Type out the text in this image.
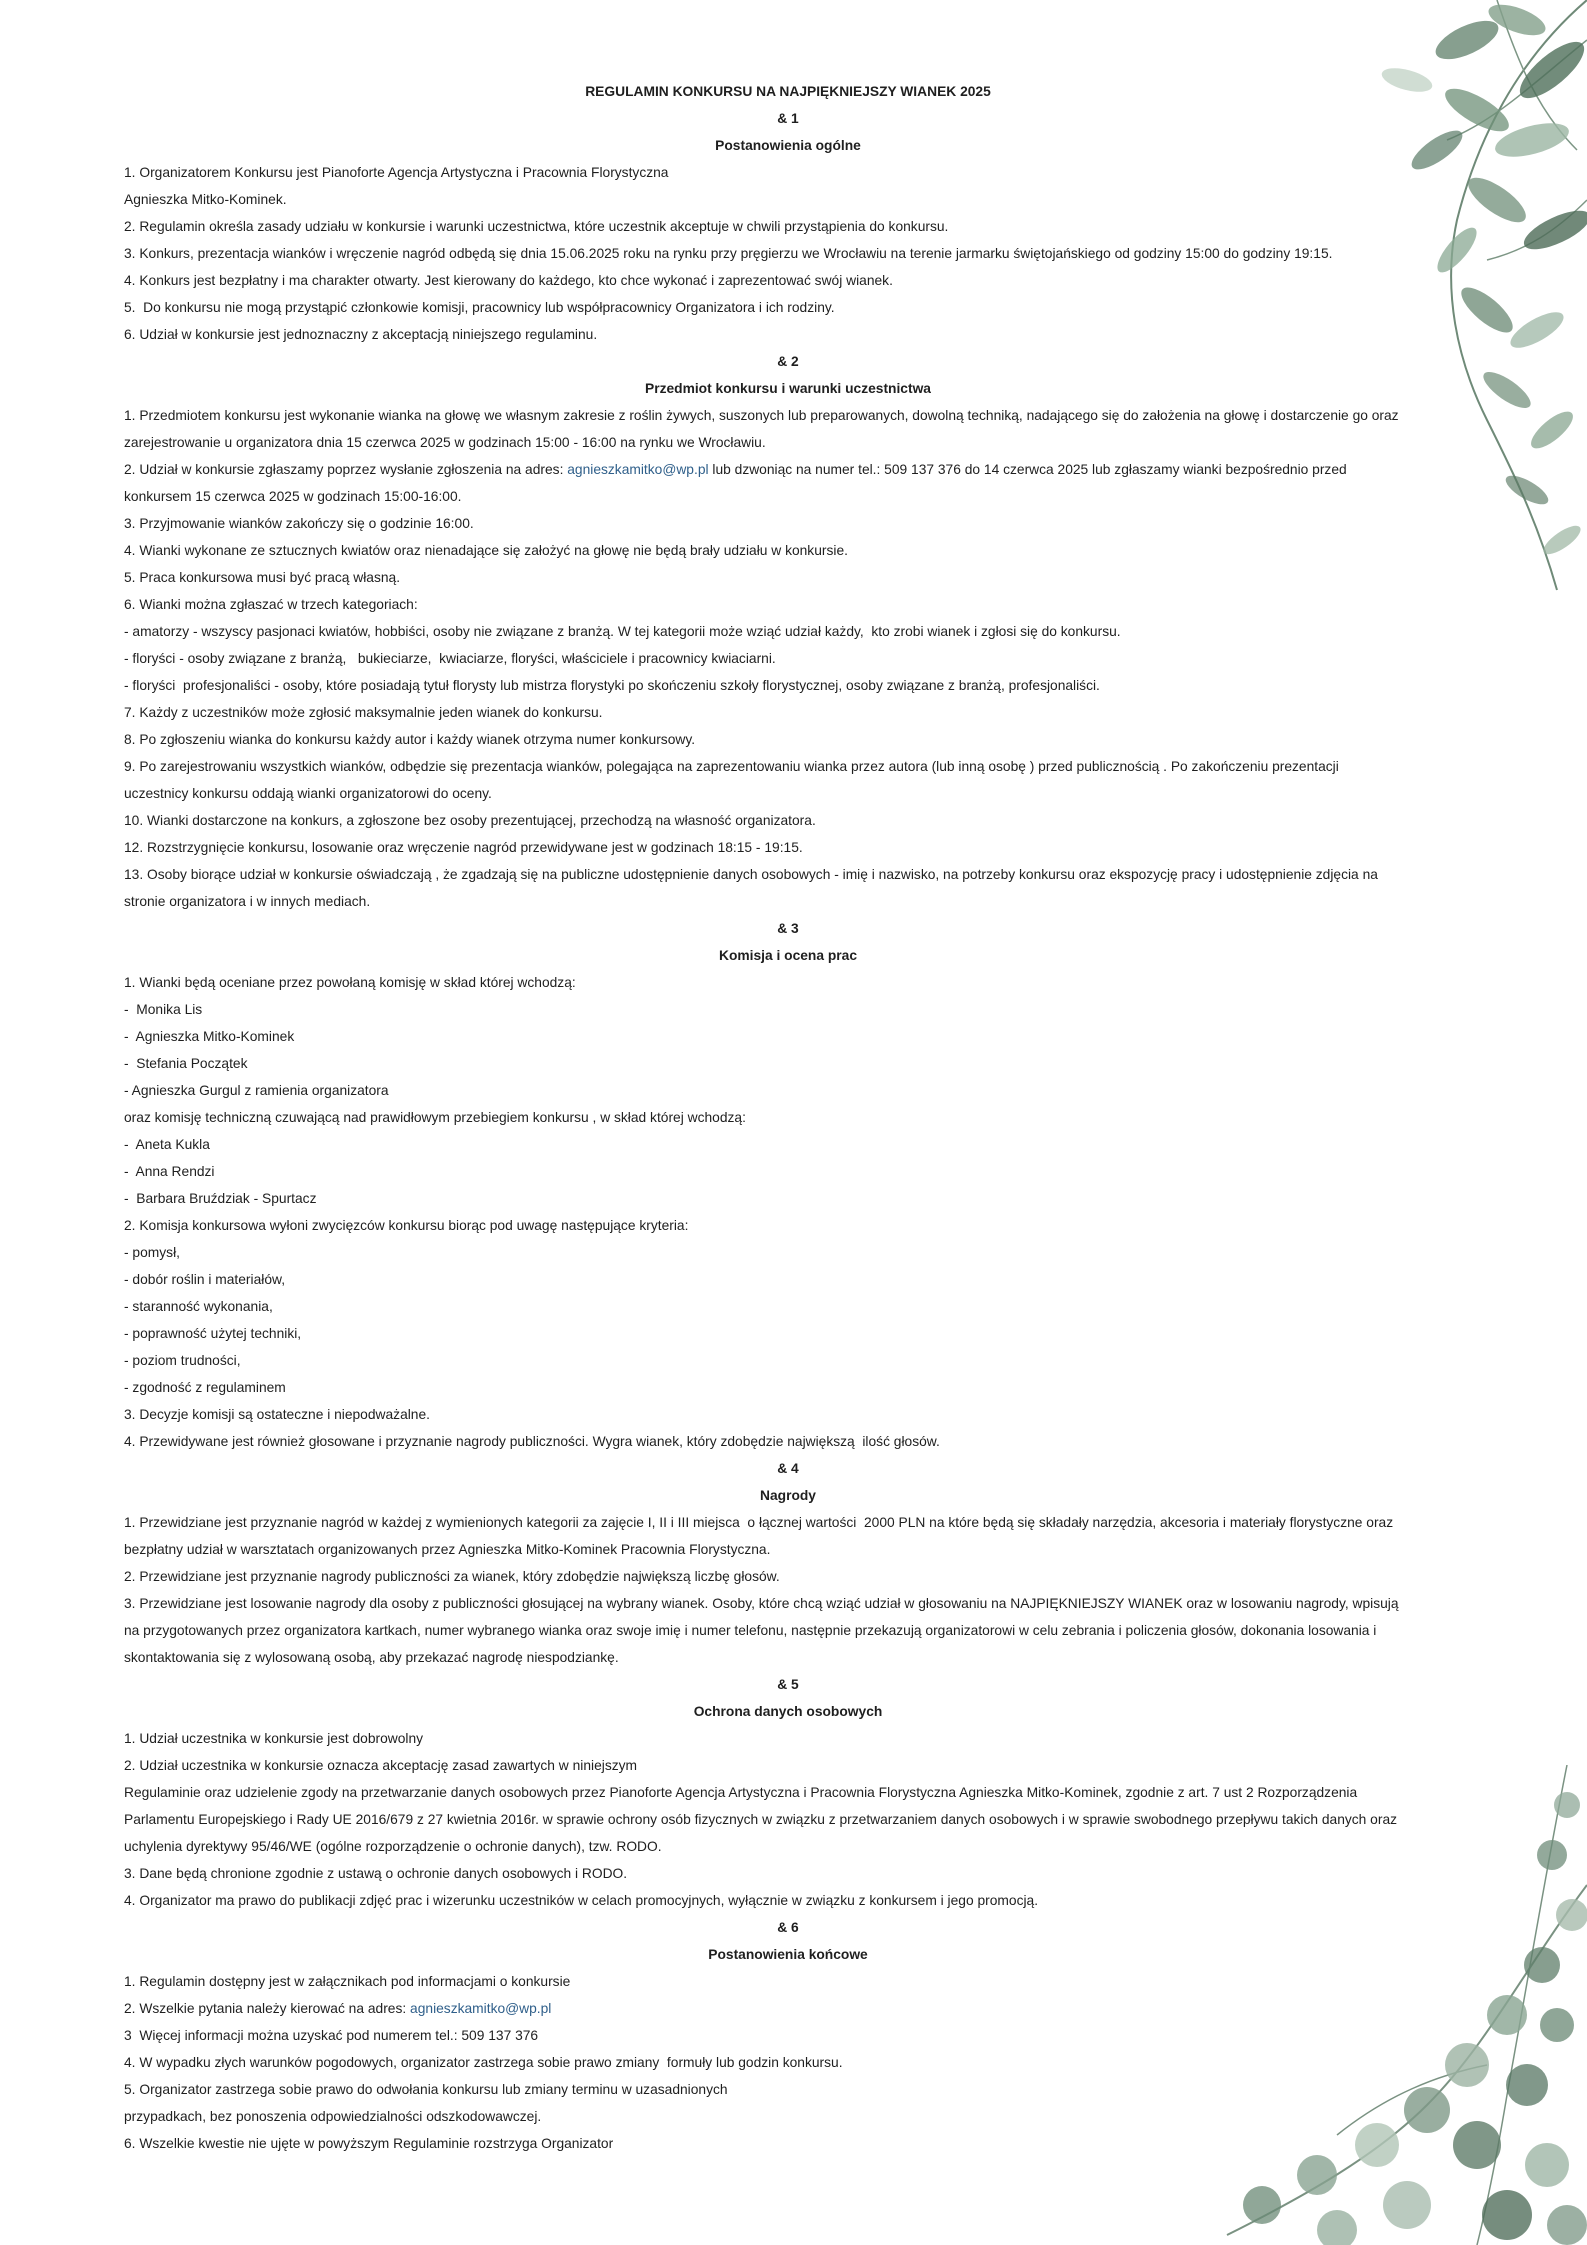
REGULAMIN KONKURSU NA NAJPIĘKNIEJSZY WIANEK 2025
& 1
Postanowienia ogólne
1. Organizatorem Konkursu jest Pianoforte Agencja Artystyczna i Pracownia Florystyczna
Agnieszka Mitko-Kominek.
2. Regulamin określa zasady udziału w konkursie i warunki uczestnictwa, które uczestnik akceptuje w chwili przystąpienia do konkursu.
3. Konkurs, prezentacja wianków i wręczenie nagród odbędą się dnia 15.06.2025 roku na rynku przy pręgierzu we Wrocławiu na terenie jarmarku świętojańskiego od godziny 15:00 do godziny 19:15.
4. Konkurs jest bezpłatny i ma charakter otwarty. Jest kierowany do każdego, kto chce wykonać i zaprezentować swój wianek.
5.  Do konkursu nie mogą przystąpić członkowie komisji, pracownicy lub współpracownicy Organizatora i ich rodziny.
6. Udział w konkursie jest jednoznaczny z akceptacją niniejszego regulaminu.
& 2
Przedmiot konkursu i warunki uczestnictwa
1. Przedmiotem konkursu jest wykonanie wianka na głowę we własnym zakresie z roślin żywych, suszonych lub preparowanych, dowolną techniką, nadającego się do założenia na głowę i dostarczenie go oraz
zarejestrowanie u organizatora dnia 15 czerwca 2025 w godzinach 15:00 - 16:00 na rynku we Wrocławiu.
2. Udział w konkursie zgłaszamy poprzez wysłanie zgłoszenia na adres: agnieszkamitko@wp.pl lub dzwoniąc na numer tel.: 509 137 376 do 14 czerwca 2025 lub zgłaszamy wianki bezpośrednio przed
konkursem 15 czerwca 2025 w godzinach 15:00-16:00.
3. Przyjmowanie wianków zakończy się o godzinie 16:00.
4. Wianki wykonane ze sztucznych kwiatów oraz nienadające się założyć na głowę nie będą brały udziału w konkursie.
5. Praca konkursowa musi być pracą własną.
6. Wianki można zgłaszać w trzech kategoriach:
- amatorzy - wszyscy pasjonaci kwiatów, hobbiści, osoby nie związane z branżą. W tej kategorii może wziąć udział każdy,  kto zrobi wianek i zgłosi się do konkursu.
- floryści - osoby związane z branżą,   bukieciarze,  kwiaciarze, floryści, właściciele i pracownicy kwiaciarni.
- floryści  profesjonaliści - osoby, które posiadają tytuł florysty lub mistrza florystyki po skończeniu szkoły florystycznej, osoby związane z branżą, profesjonaliści.
7. Każdy z uczestników może zgłosić maksymalnie jeden wianek do konkursu.
8. Po zgłoszeniu wianka do konkursu każdy autor i każdy wianek otrzyma numer konkursowy.
9. Po zarejestrowaniu wszystkich wianków, odbędzie się prezentacja wianków, polegająca na zaprezentowaniu wianka przez autora (lub inną osobę ) przed publicznością . Po zakończeniu prezentacji
uczestnicy konkursu oddają wianki organizatorowi do oceny.
10. Wianki dostarczone na konkurs, a zgłoszone bez osoby prezentującej, przechodzą na własność organizatora.
12. Rozstrzygnięcie konkursu, losowanie oraz wręczenie nagród przewidywane jest w godzinach 18:15 - 19:15.
13. Osoby biorące udział w konkursie oświadczają , że zgadzają się na publiczne udostępnienie danych osobowych - imię i nazwisko, na potrzeby konkursu oraz ekspozycję pracy i udostępnienie zdjęcia na
stronie organizatora i w innych mediach.
& 3
Komisja i ocena prac
1. Wianki będą oceniane przez powołaną komisję w skład której wchodzą:
-  Monika Lis
-  Agnieszka Mitko-Kominek
-  Stefania Początek
- Agnieszka Gurgul z ramienia organizatora
oraz komisję techniczną czuwającą nad prawidłowym przebiegiem konkursu , w skład której wchodzą:
-  Aneta Kukla
-  Anna Rendzi
-  Barbara Bruździak - Spurtacz
2. Komisja konkursowa wyłoni zwycięzców konkursu biorąc pod uwagę następujące kryteria:
- pomysł,
- dobór roślin i materiałów,
- staranność wykonania,
- poprawność użytej techniki,
- poziom trudności,
- zgodność z regulaminem
3. Decyzje komisji są ostateczne i niepodważalne.
4. Przewidywane jest również głosowane i przyznanie nagrody publiczności. Wygra wianek, który zdobędzie największą  ilość głosów.
& 4
Nagrody
1. Przewidziane jest przyznanie nagród w każdej z wymienionych kategorii za zajęcie I, II i III miejsca  o łącznej wartości  2000 PLN na które będą się składały narzędzia, akcesoria i materiały florystyczne oraz
bezpłatny udział w warsztatach organizowanych przez Agnieszka Mitko-Kominek Pracownia Florystyczna.
2. Przewidziane jest przyznanie nagrody publiczności za wianek, który zdobędzie największą liczbę głosów.
3. Przewidziane jest losowanie nagrody dla osoby z publiczności głosującej na wybrany wianek. Osoby, które chcą wziąć udział w głosowaniu na NAJPIĘKNIEJSZY WIANEK oraz w losowaniu nagrody, wpisują
na przygotowanych przez organizatora kartkach, numer wybranego wianka oraz swoje imię i numer telefonu, następnie przekazują organizatorowi w celu zebrania i policzenia głosów, dokonania losowania i
skontaktowania się z wylosowaną osobą, aby przekazać nagrodę niespodziankę.
& 5
Ochrona danych osobowych
1. Udział uczestnika w konkursie jest dobrowolny
2. Udział uczestnika w konkursie oznacza akceptację zasad zawartych w niniejszym
Regulaminie oraz udzielenie zgody na przetwarzanie danych osobowych przez Pianoforte Agencja Artystyczna i Pracownia Florystyczna Agnieszka Mitko-Kominek, zgodnie z art. 7 ust 2 Rozporządzenia
Parlamentu Europejskiego i Rady UE 2016/679 z 27 kwietnia 2016r. w sprawie ochrony osób fizycznych w związku z przetwarzaniem danych osobowych i w sprawie swobodnego przepływu takich danych oraz
uchylenia dyrektywy 95/46/WE (ogólne rozporządzenie o ochronie danych), tzw. RODO.
3. Dane będą chronione zgodnie z ustawą o ochronie danych osobowych i RODO.
4. Organizator ma prawo do publikacji zdjęć prac i wizerunku uczestników w celach promocyjnych, wyłącznie w związku z konkursem i jego promocją.
& 6
Postanowienia końcowe
1. Regulamin dostępny jest w załącznikach pod informacjami o konkursie
2. Wszelkie pytania należy kierować na adres: agnieszkamitko@wp.pl
3  Więcej informacji można uzyskać pod numerem tel.: 509 137 376
4. W wypadku złych warunków pogodowych, organizator zastrzega sobie prawo zmiany  formuły lub godzin konkursu.
5. Organizator zastrzega sobie prawo do odwołania konkursu lub zmiany terminu w uzasadnionych
przypadkach, bez ponoszenia odpowiedzialności odszkodowawczej.
6. Wszelkie kwestie nie ujęte w powyższym Regulaminie rozstrzyga Organizator
